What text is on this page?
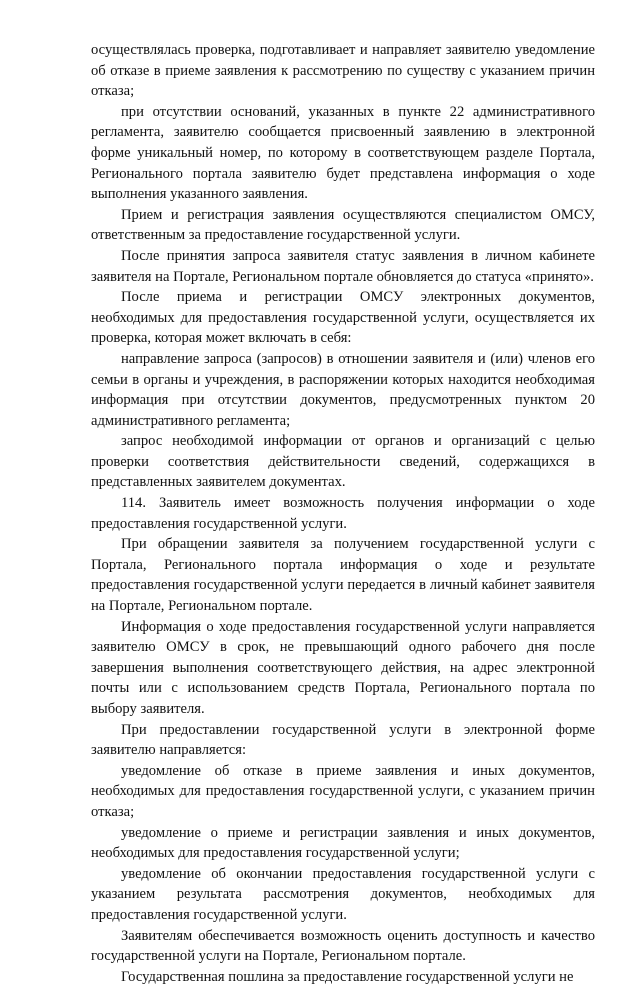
осуществлялась проверка, подготавливает и направляет заявителю уведомление об отказе в приеме заявления к рассмотрению по существу с указанием причин отказа;

при отсутствии оснований, указанных в пункте 22 административного регламента, заявителю сообщается присвоенный заявлению в электронной форме уникальный номер, по которому в соответствующем разделе Портала, Регионального портала заявителю будет представлена информация о ходе выполнения указанного заявления.

Прием и регистрация заявления осуществляются специалистом ОМСУ, ответственным за предоставление государственной услуги.

После принятия запроса заявителя статус заявления в личном кабинете заявителя на Портале, Региональном портале обновляется до статуса «принято».

После приема и регистрации ОМСУ электронных документов, необходимых для предоставления государственной услуги, осуществляется их проверка, которая может включать в себя:

направление запроса (запросов) в отношении заявителя и (или) членов его семьи в органы и учреждения, в распоряжении которых находится необходимая информация при отсутствии документов, предусмотренных пунктом 20 административного регламента;

запрос необходимой информации от органов и организаций с целью проверки соответствия действительности сведений, содержащихся в представленных заявителем документах.

114. Заявитель имеет возможность получения информации о ходе предоставления государственной услуги.

При обращении заявителя за получением государственной услуги с Портала, Регионального портала информация о ходе и результате предоставления государственной услуги передается в личный кабинет заявителя на Портале, Региональном портале.

Информация о ходе предоставления государственной услуги направляется заявителю ОМСУ в срок, не превышающий одного рабочего дня после завершения выполнения соответствующего действия, на адрес электронной почты или с использованием средств Портала, Регионального портала по выбору заявителя.

При предоставлении государственной услуги в электронной форме заявителю направляется:

уведомление об отказе в приеме заявления и иных документов, необходимых для предоставления государственной услуги, с указанием причин отказа;

уведомление о приеме и регистрации заявления и иных документов, необходимых для предоставления государственной услуги;

уведомление об окончании предоставления государственной услуги с указанием результата рассмотрения документов, необходимых для предоставления государственной услуги.

Заявителям обеспечивается возможность оценить доступность и качество государственной услуги на Портале, Региональном портале.

Государственная пошлина за предоставление государственной услуги не
